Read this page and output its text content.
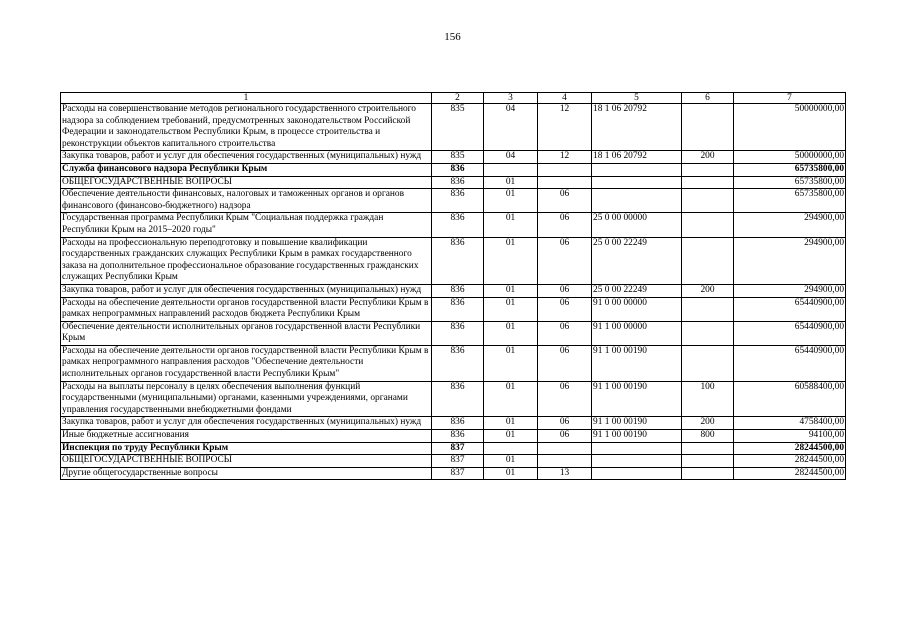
156
1	2	3	4	5	6	7
Расходы на совершенствование методов регионального государственного строительного надзора за соблюдением требований, предусмотренных законодательством Российской Федерации и законодательством Республики Крым, в процессе строительства и реконструкции объектов капитального строительства	835	04	12	18 1 06 20792		50000000,00
Закупка товаров, работ и услуг для обеспечения государственных (муниципальных) нужд	835	04	12	18 1 06 20792	200	50000000,00
Служба финансового надзора Республики Крым	836					65735800,00
ОБЩЕГОСУДАРСТВЕННЫЕ ВОПРОСЫ	836	01				65735800,00
Обеспечение деятельности финансовых, налоговых и таможенных органов и органов финансового (финансово-бюджетного) надзора	836	01	06			65735800,00
Государственная программа Республики Крым "Социальная поддержка граждан Республики Крым на 2015–2020 годы"	836	01	06	25 0 00 00000		294900,00
Расходы на профессиональную переподготовку и повышение квалификации государственных гражданских служащих Республики Крым в рамках государственного заказа на дополнительное профессиональное образование государственных гражданских служащих Республики Крым	836	01	06	25 0 00 22249		294900,00
Закупка товаров, работ и услуг для обеспечения государственных (муниципальных) нужд	836	01	06	25 0 00 22249	200	294900,00
Расходы на обеспечение деятельности органов государственной власти Республики Крым в рамках непрограммных направлений расходов бюджета Республики Крым	836	01	06	91 0 00 00000		65440900,00
Обеспечение деятельности исполнительных органов государственной власти Республики Крым	836	01	06	91 1 00 00000		65440900,00
Расходы на обеспечение деятельности органов государственной власти Республики Крым в рамках непрограммного направления расходов "Обеспечение деятельности исполнительных органов государственной власти Республики Крым"	836	01	06	91 1 00 00190		65440900,00
Расходы на выплаты персоналу в целях обеспечения выполнения функций государственными (муниципальными) органами, казенными учреждениями, органами управления государственными внебюджетными фондами	836	01	06	91 1 00 00190	100	60588400,00
Закупка товаров, работ и услуг для обеспечения государственных (муниципальных) нужд	836	01	06	91 1 00 00190	200	4758400,00
Иные бюджетные ассигнования	836	01	06	91 1 00 00190	800	94100,00
Инспекция по труду Республики Крым	837					28244500,00
ОБЩЕГОСУДАРСТВЕННЫЕ ВОПРОСЫ	837	01				28244500,00
Другие общегосударственные вопросы	837	01	13			28244500,00
